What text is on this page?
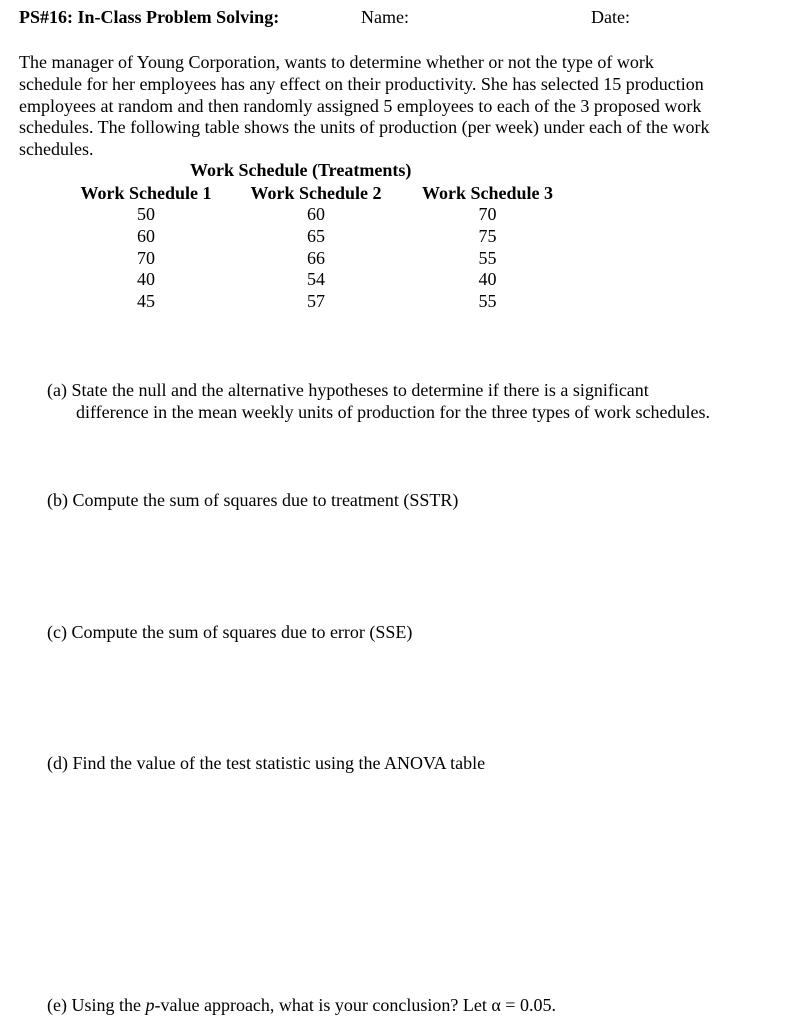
PS#16: In-Class Problem Solving:	Name:	Date:
The manager of Young Corporation, wants to determine whether or not the type of work
schedule for her employees has any effect on their productivity. She has selected 15 production
employees at random and then randomly assigned 5 employees to each of the 3 proposed work
schedules. The following table shows the units of production (per week) under each of the work
schedules.
Work Schedule (Treatments)
Work Schedule 1
50
60
70
40
45
Work Schedule 2
60
65
66
54
57
Work Schedule 3
70
75
55
40
55
(a) State the null and the alternative hypotheses to determine if there is a significant
difference in the mean weekly units of production for the three types of work schedules.
(b) Compute the sum of squares due to treatment (SSTR)
(c) Compute the sum of squares due to error (SSE)
(d) Find the value of the test statistic using the ANOVA table
(e) Using the p-value approach, what is your conclusion? Let α = 0.05.
